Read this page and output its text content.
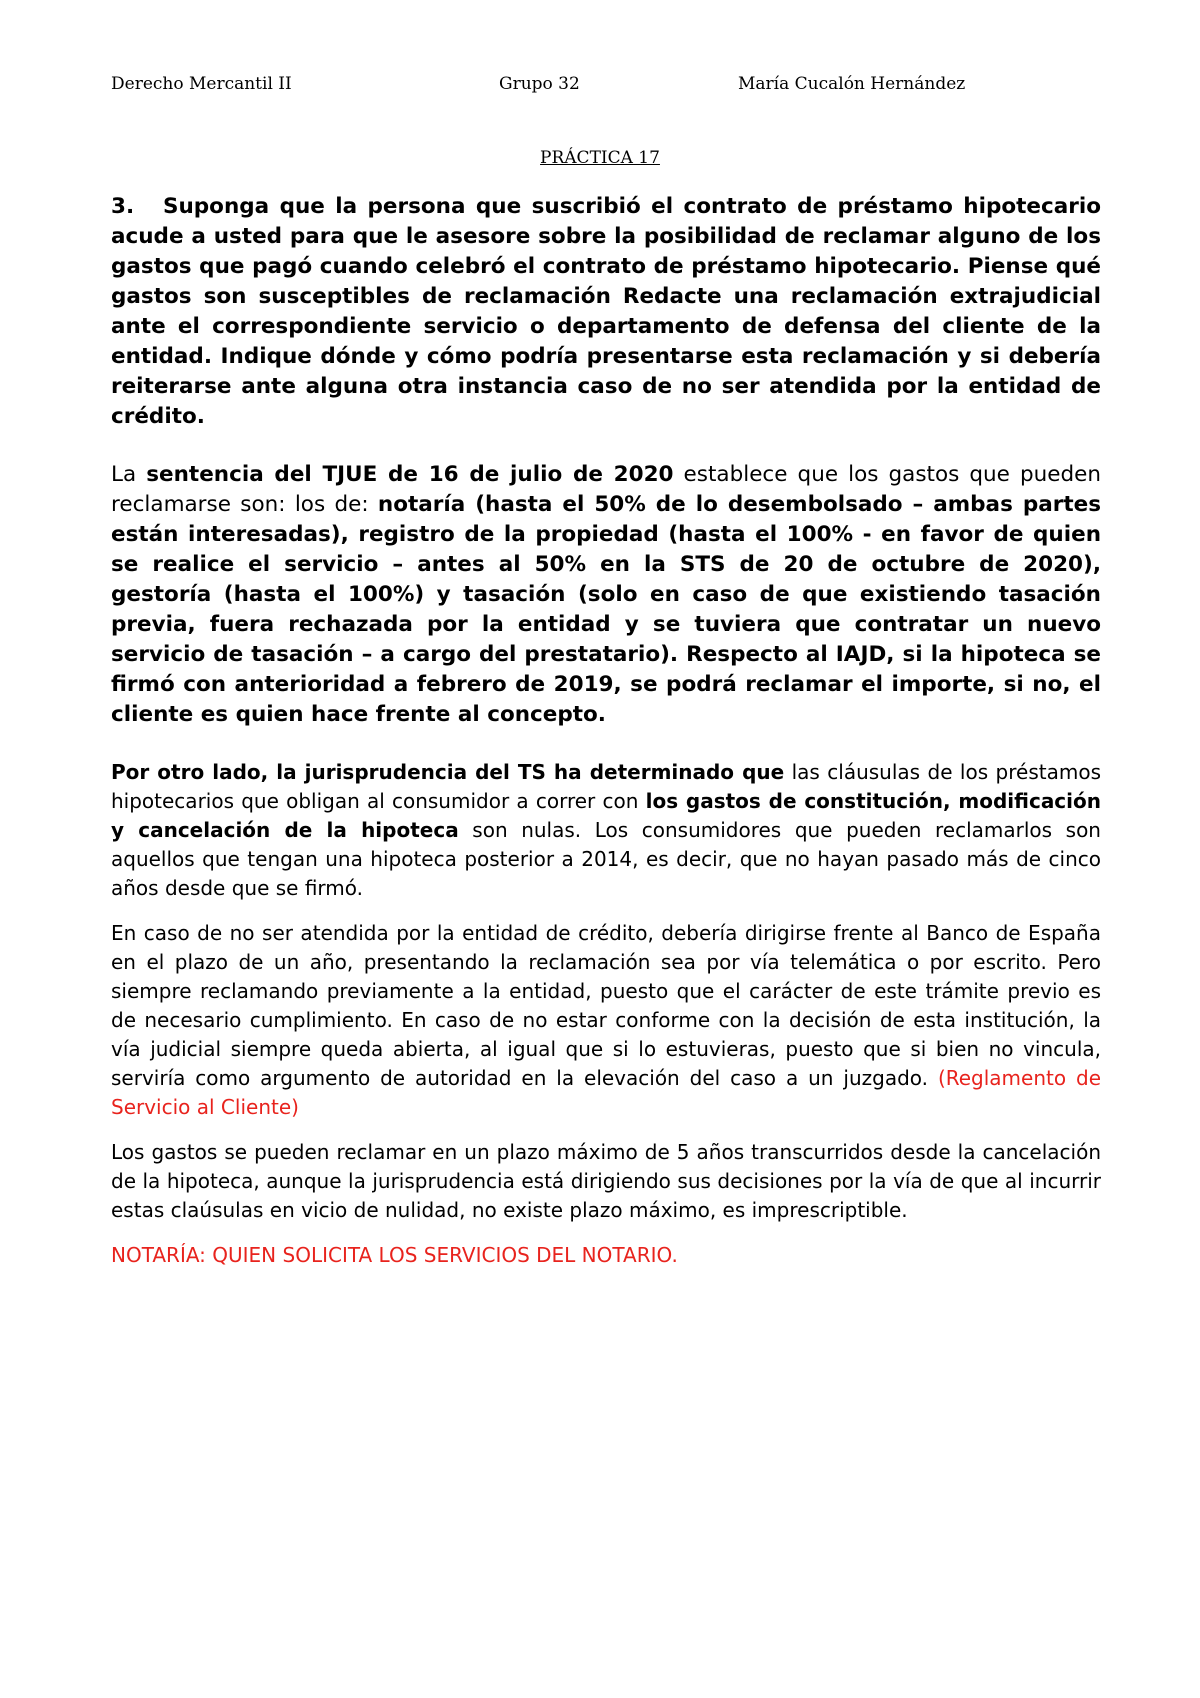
Derecho Mercantil II	Grupo 32	María Cucalón Hernández
PRÁCTICA 17

3. Suponga que la persona que suscribió el contrato de préstamo hipotecario acude a usted para que le asesore sobre la posibilidad de reclamar alguno de los gastos que pagó cuando celebró el contrato de préstamo hipotecario. Piense qué gastos son susceptibles de reclamación Redacte una reclamación extrajudicial ante el correspondiente servicio o departamento de defensa del cliente de la entidad. Indique dónde y cómo podría presentarse esta reclamación y si debería reiterarse ante alguna otra instancia caso de no ser atendida por la entidad de crédito.

La sentencia del TJUE de 16 de julio de 2020 establece que los gastos que pueden reclamarse son: los de: notaría (hasta el 50% de lo desembolsado – ambas partes están interesadas), registro de la propiedad (hasta el 100% - en favor de quien se realice el servicio – antes al 50% en la STS de 20 de octubre de 2020), gestoría (hasta el 100%) y tasación (solo en caso de que existiendo tasación previa, fuera rechazada por la entidad y se tuviera que contratar un nuevo servicio de tasación – a cargo del prestatario). Respecto al IAJD, si la hipoteca se firmó con anterioridad a febrero de 2019, se podrá reclamar el importe, si no, el cliente es quien hace frente al concepto.

Por otro lado, la jurisprudencia del TS ha determinado que las cláusulas de los préstamos hipotecarios que obligan al consumidor a correr con los gastos de constitución, modificación y cancelación de la hipoteca son nulas. Los consumidores que pueden reclamarlos son aquellos que tengan una hipoteca posterior a 2014, es decir, que no hayan pasado más de cinco años desde que se firmó.

En caso de no ser atendida por la entidad de crédito, debería dirigirse frente al Banco de España en el plazo de un año, presentando la reclamación sea por vía telemática o por escrito. Pero siempre reclamando previamente a la entidad, puesto que el carácter de este trámite previo es de necesario cumplimiento. En caso de no estar conforme con la decisión de esta institución, la vía judicial siempre queda abierta, al igual que si lo estuvieras, puesto que si bien no vincula, serviría como argumento de autoridad en la elevación del caso a un juzgado. (Reglamento de Servicio al Cliente)

Los gastos se pueden reclamar en un plazo máximo de 5 años transcurridos desde la cancelación de la hipoteca, aunque la jurisprudencia está dirigiendo sus decisiones por la vía de que al incurrir estas claúsulas en vicio de nulidad, no existe plazo máximo, es imprescriptible.

NOTARÍA: QUIEN SOLICITA LOS SERVICIOS DEL NOTARIO.
